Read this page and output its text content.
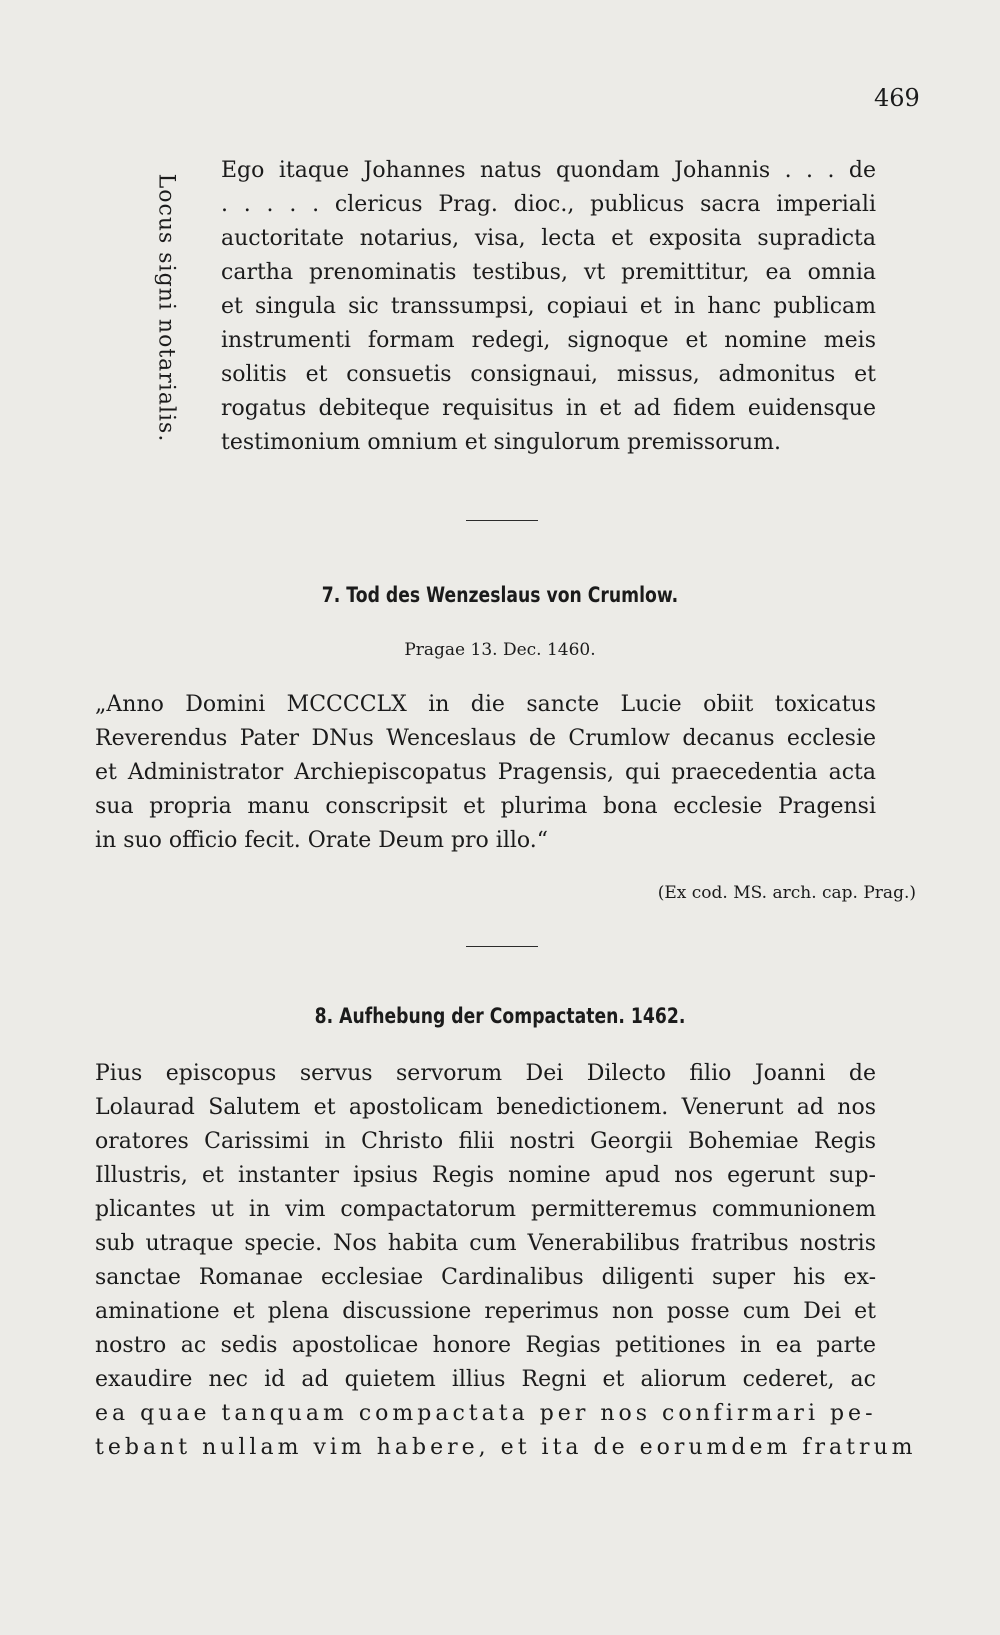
469
Locus signi notarialis.
Ego itaque Johannes natus quondam Johannis . . . de
. . . . . clericus Prag. dioc., publicus sacra imperiali
auctoritate notarius, visa, lecta et exposita supradicta
cartha prenominatis testibus, vt premittitur, ea omnia
et singula sic transsumpsi, copiaui et in hanc publicam
instrumenti formam redegi, signoque et nomine meis
solitis et consuetis consignaui, missus, admonitus et
rogatus debiteque requisitus in et ad fidem euidensque
testimonium omnium et singulorum premissorum.
7. Tod des Wenzeslaus von Crumlow.
Pragae 13. Dec. 1460.
„Anno Domini MCCCCLX in die sancte Lucie obiit toxicatus
Reverendus Pater DNus Wenceslaus de Crumlow decanus ecclesie
et Administrator Archiepiscopatus Pragensis, qui praecedentia acta
sua propria manu conscripsit et plurima bona ecclesie Pragensi
in suo officio fecit. Orate Deum pro illo.“
(Ex cod. MS. arch. cap. Prag.)
8. Aufhebung der Compactaten. 1462.
Pius episcopus servus servorum Dei Dilecto filio Joanni de
Lolaurad Salutem et apostolicam benedictionem. Venerunt ad nos
oratores Carissimi in Christo filii nostri Georgii Bohemiae Regis
Illustris, et instanter ipsius Regis nomine apud nos egerunt sup-
plicantes ut in vim compactatorum permitteremus communionem
sub utraque specie. Nos habita cum Venerabilibus fratribus nostris
sanctae Romanae ecclesiae Cardinalibus diligenti super his ex-
aminatione et plena discussione reperimus non posse cum Dei et
nostro ac sedis apostolicae honore Regias petitiones in ea parte
exaudire nec id ad quietem illius Regni et aliorum cederet, ac
ea quae tanquam compactata per nos confirmari pe-
tebant nullam vim habere, et ita de eorumdem fratrum
